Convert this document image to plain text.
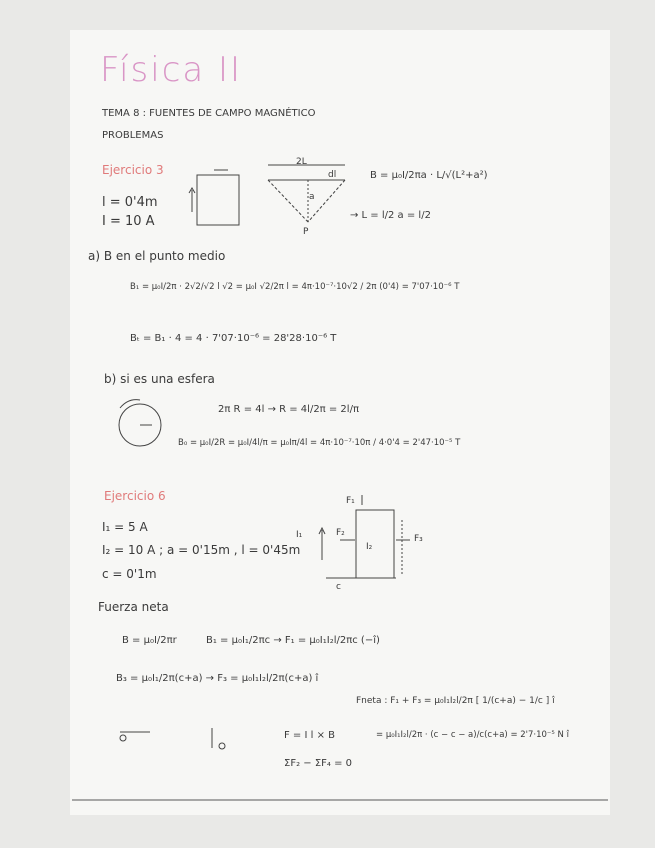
Física II
TEMA 8 : FUENTES DE CAMPO MAGNÉTICO
PROBLEMAS
Ejercicio 3
l = 0'4m
I = 10 A
2L
dl
a
P
B = μ₀I/2πa · L/√(L²+a²)
→ L = l/2 a = l/2
a) B en el punto medio
B₁ = μ₀I/2π · 2√2/√2 l √2 = μ₀I √2/2π l = 4π·10⁻⁷·10√2 / 2π (0'4) = 7'07·10⁻⁶ T
Bₜ = B₁ · 4 = 4 · 7'07·10⁻⁶ = 28'28·10⁻⁶ T
b) si es una esfera
2π R = 4l → R = 4l/2π = 2l/π
B₀ = μ₀I/2R = μ₀I/4l/π = μ₀Iπ/4l = 4π·10⁻⁷·10π / 4·0'4 = 2'47·10⁻⁵ T
Ejercicio 6
I₁ = 5 A
I₂ = 10 A ; a = 0'15m , l = 0'45m
c = 0'1m
I₁
I₂
F₁
F₂
F₃
c
Fuerza neta
B = μ₀I/2πr	B₁ = μ₀I₁/2πc → F₁ = μ₀I₁I₂l/2πc (−î)
B₃ = μ₀I₁/2π(c+a) → F₃ = μ₀I₁I₂l/2π(c+a) î
Fneta : F₁ + F₃ = μ₀I₁I₂l/2π [ 1/(c+a) − 1/c ] î
F = I l × B
ΣF₂ − ΣF₄ = 0
= μ₀I₁I₂l/2π · (c − c − a)/c(c+a) = 2'7·10⁻⁵ N î
